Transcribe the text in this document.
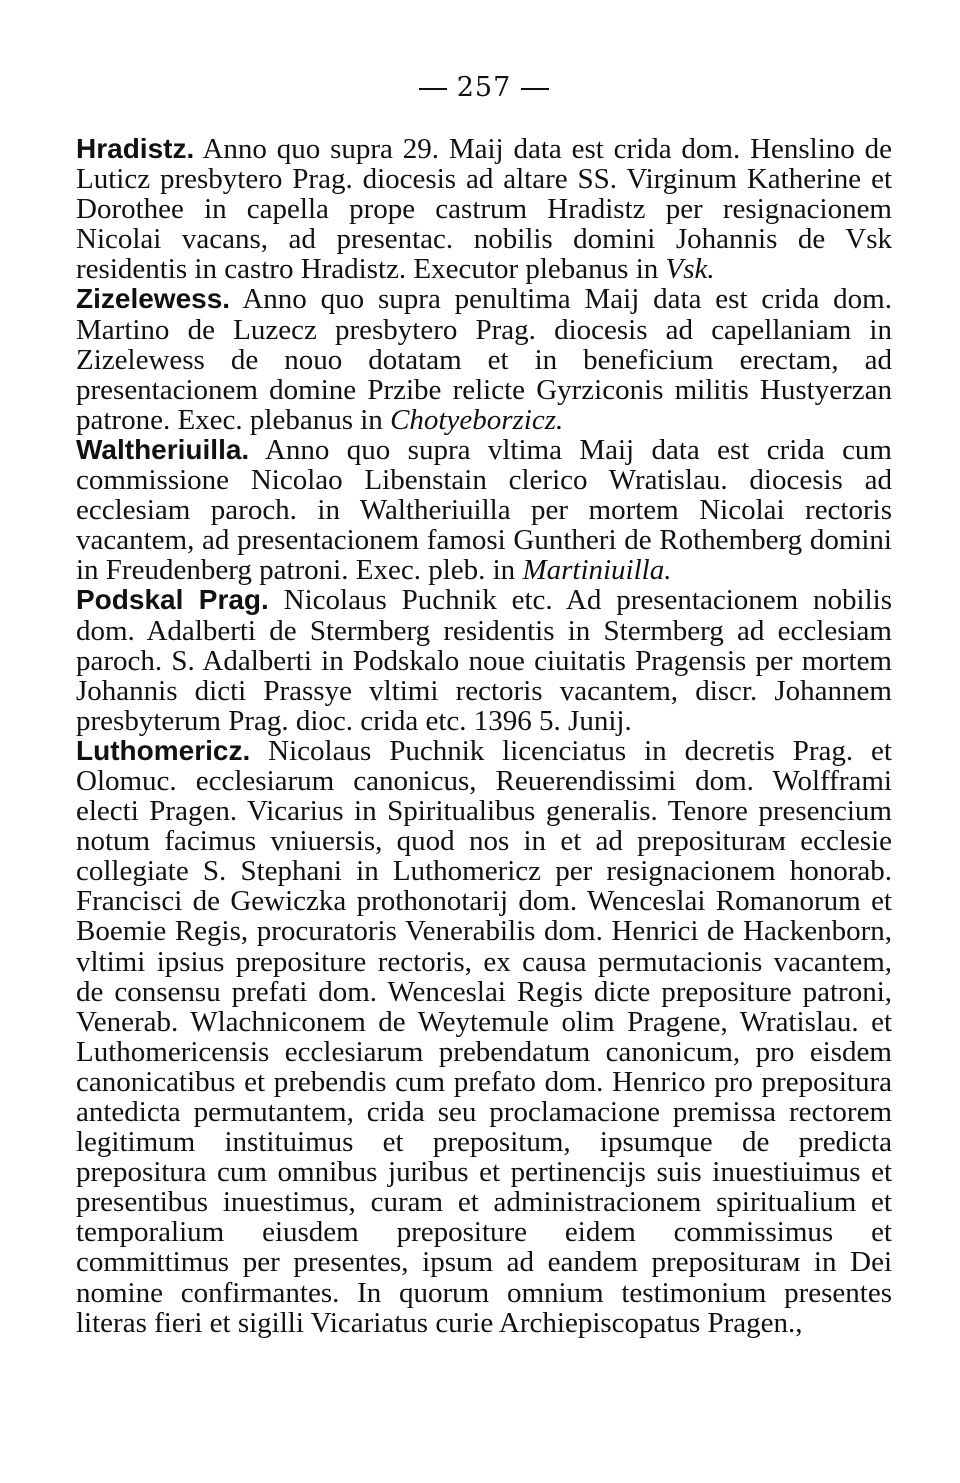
257

Hradistz. Anno quo supra 29. Maij data est crida dom. Henslino de Luticz presbytero Prag. diocesis ad altare SS. Virginum Katherine et Dorothee in capella prope castrum Hradistz per resignacionem Nicolai vacans, ad presentac. nobilis domini Johannis de Vsk residentis in castro Hradistz. Executor plebanus in Vsk.

Zizelewess. Anno quo supra penultima Maij data est crida dom. Martino de Luzecz presbytero Prag. diocesis ad capellaniam in Zizelewess de nouo dotatam et in beneficium erectam, ad presentacionem domine Przibe relicte Gyrziconis militis Hustyerzan patrone. Exec. plebanus in Chotyeborzicz.

Waltheriuilla. Anno quo supra vltima Maij data est crida cum commissione Nicolao Libenstain clerico Wratislau. diocesis ad ecclesiam paroch. in Waltheriuilla per mortem Nicolai rectoris vacantem, ad presentacionem famosi Guntheri de Rothemberg domini in Freudenberg patroni. Exec. pleb. in Martiniuilla.

Podskal Prag. Nicolaus Puchnik etc. Ad presentacionem nobilis dom. Adalberti de Stermberg residentis in Stermberg ad ecclesiam paroch. S. Adalberti in Podskalo noue ciuitatis Pragensis per mortem Johannis dicti Prassye vltimi rectoris vacantem, discr. Johannem presbyterum Prag. dioc. crida etc. 1396 5. Junij.

Luthomericz. Nicolaus Puchnik licenciatus in decretis Prag. et Olomuc. ecclesiarum canonicus, Reuerendissimi dom. Wolfframi electi Pragen. Vicarius in Spiritualibus generalis. Tenore presencium notum facimus vniuersis, quod nos in et ad prepositurам ecclesie collegiate S. Stephani in Luthomericz per resignacionem honorab. Francisci de Gewiczka prothonotarij dom. Wenceslai Romanorum et Boemie Regis, procuratoris Venerabilis dom. Henrici de Hackenborn, vltimi ipsius prepositure rectoris, ex causa permutacionis vacantem, de consensu prefati dom. Wenceslai Regis dicte prepositure patroni, Venerab. Wlachniconem de Weytemule olim Pragene, Wratislau. et Luthomericensis ecclesiarum prebendatum canonicum, pro eisdem canonicatibus et prebendis cum prefato dom. Henrico pro prepositura antedicta permutantem, crida seu proclamacione premissa rectorem legitimum instituimus et prepositum, ipsumque de predicta prepositura cum omnibus juribus et pertinencijs suis inuestiuimus et presentibus inuestimus, curam et administracionem spiritualium et temporalium eiusdem prepositure eidem commissimus et committimus per presentes, ipsum ad eandem prepositurам in Dei nomine confirmantes. In quorum omnium testimonium presentes literas fieri et sigilli Vicariatus curie Archiepiscopatus Pragen.,
